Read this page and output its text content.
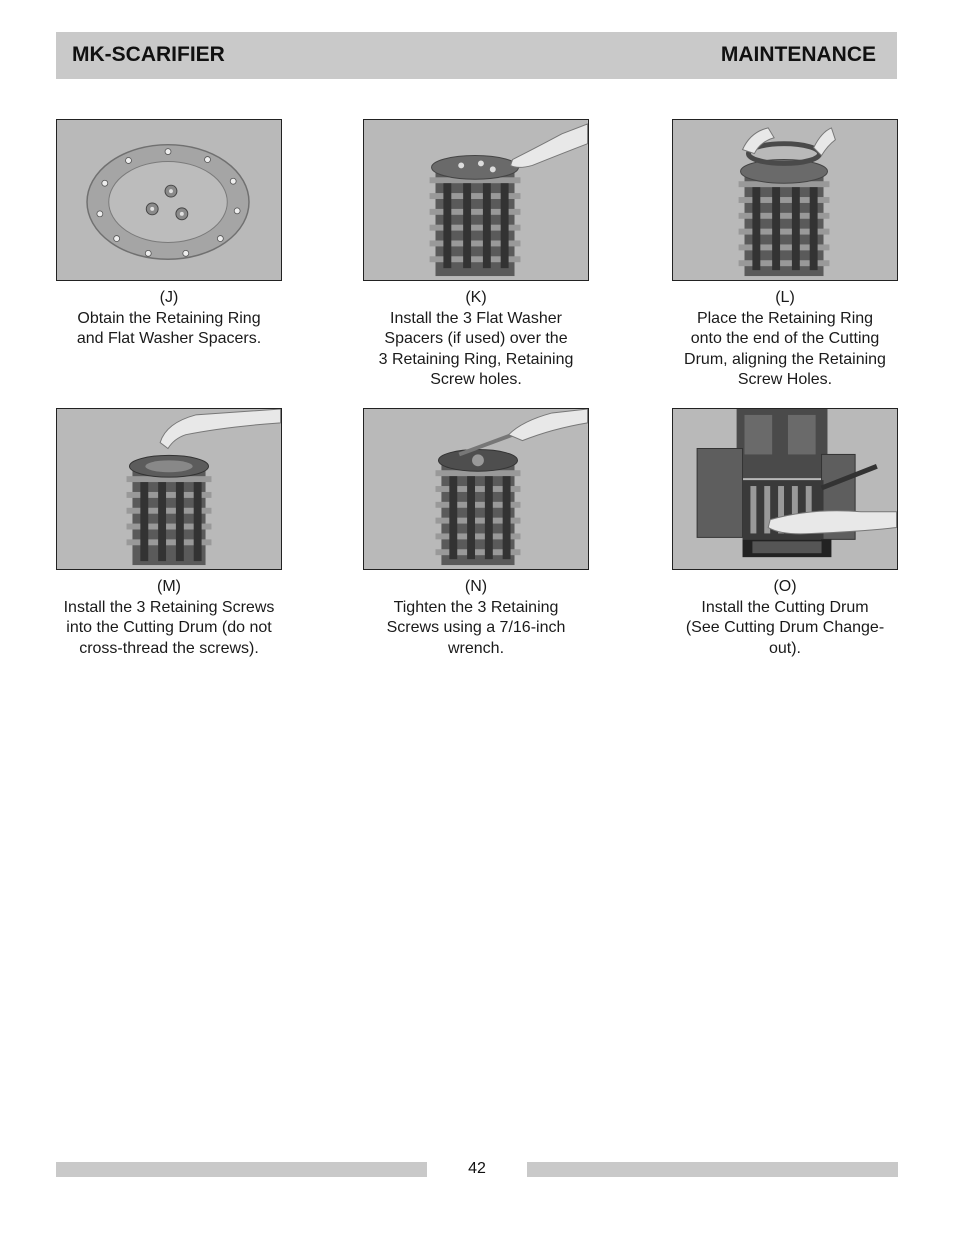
MK-SCARIFIER	MAINTENANCE
(J)
Obtain the Retaining Ring
and Flat Washer Spacers.
(K)
Install the 3 Flat Washer
Spacers (if used) over the
3 Retaining Ring, Retaining
Screw holes.
(L)
Place the Retaining Ring
onto the end of the Cutting
Drum, aligning the Retaining
Screw Holes.
(M)
Install the 3 Retaining Screws
into the Cutting Drum (do not
cross-thread the screws).
(N)
Tighten the 3 Retaining
Screws using a 7/16-inch
wrench.
(O)
Install the Cutting Drum
(See Cutting Drum Change-
out).
42
